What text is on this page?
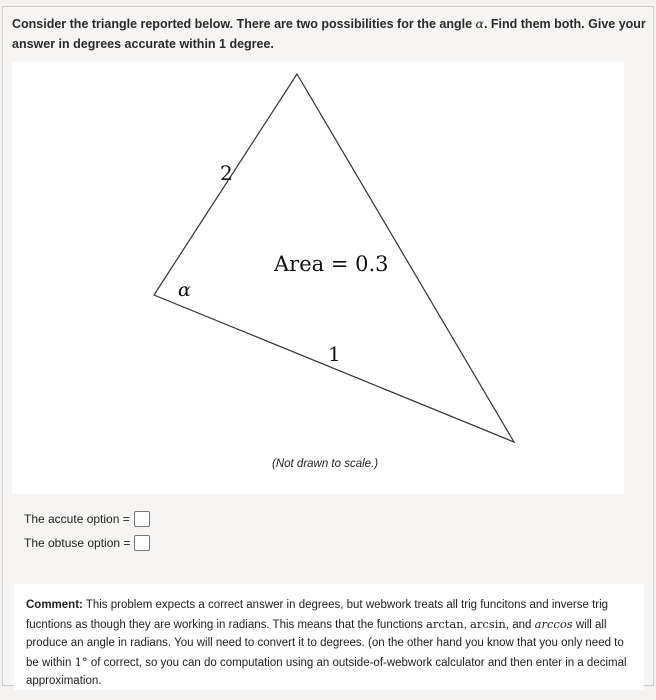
Consider the triangle reported below. There are two possibilities for the angle α. Find them both. Give your answer in degrees accurate within 1 degree.
2
Area = 0.3
α
1
(Not drawn to scale.)
The accute option =
The obtuse option =
Comment: This problem expects a correct answer in degrees, but webwork treats all trig funcitons and inverse trig fucntions as though they are working in radians. This means that the functions arctan, arcsin, and arccos will all produce an angle in radians. You will need to convert it to degrees. (on the other hand you know that you only need to be within 1° of correct, so you can do computation using an outside-of-webwork calculator and then enter in a decimal approximation.
